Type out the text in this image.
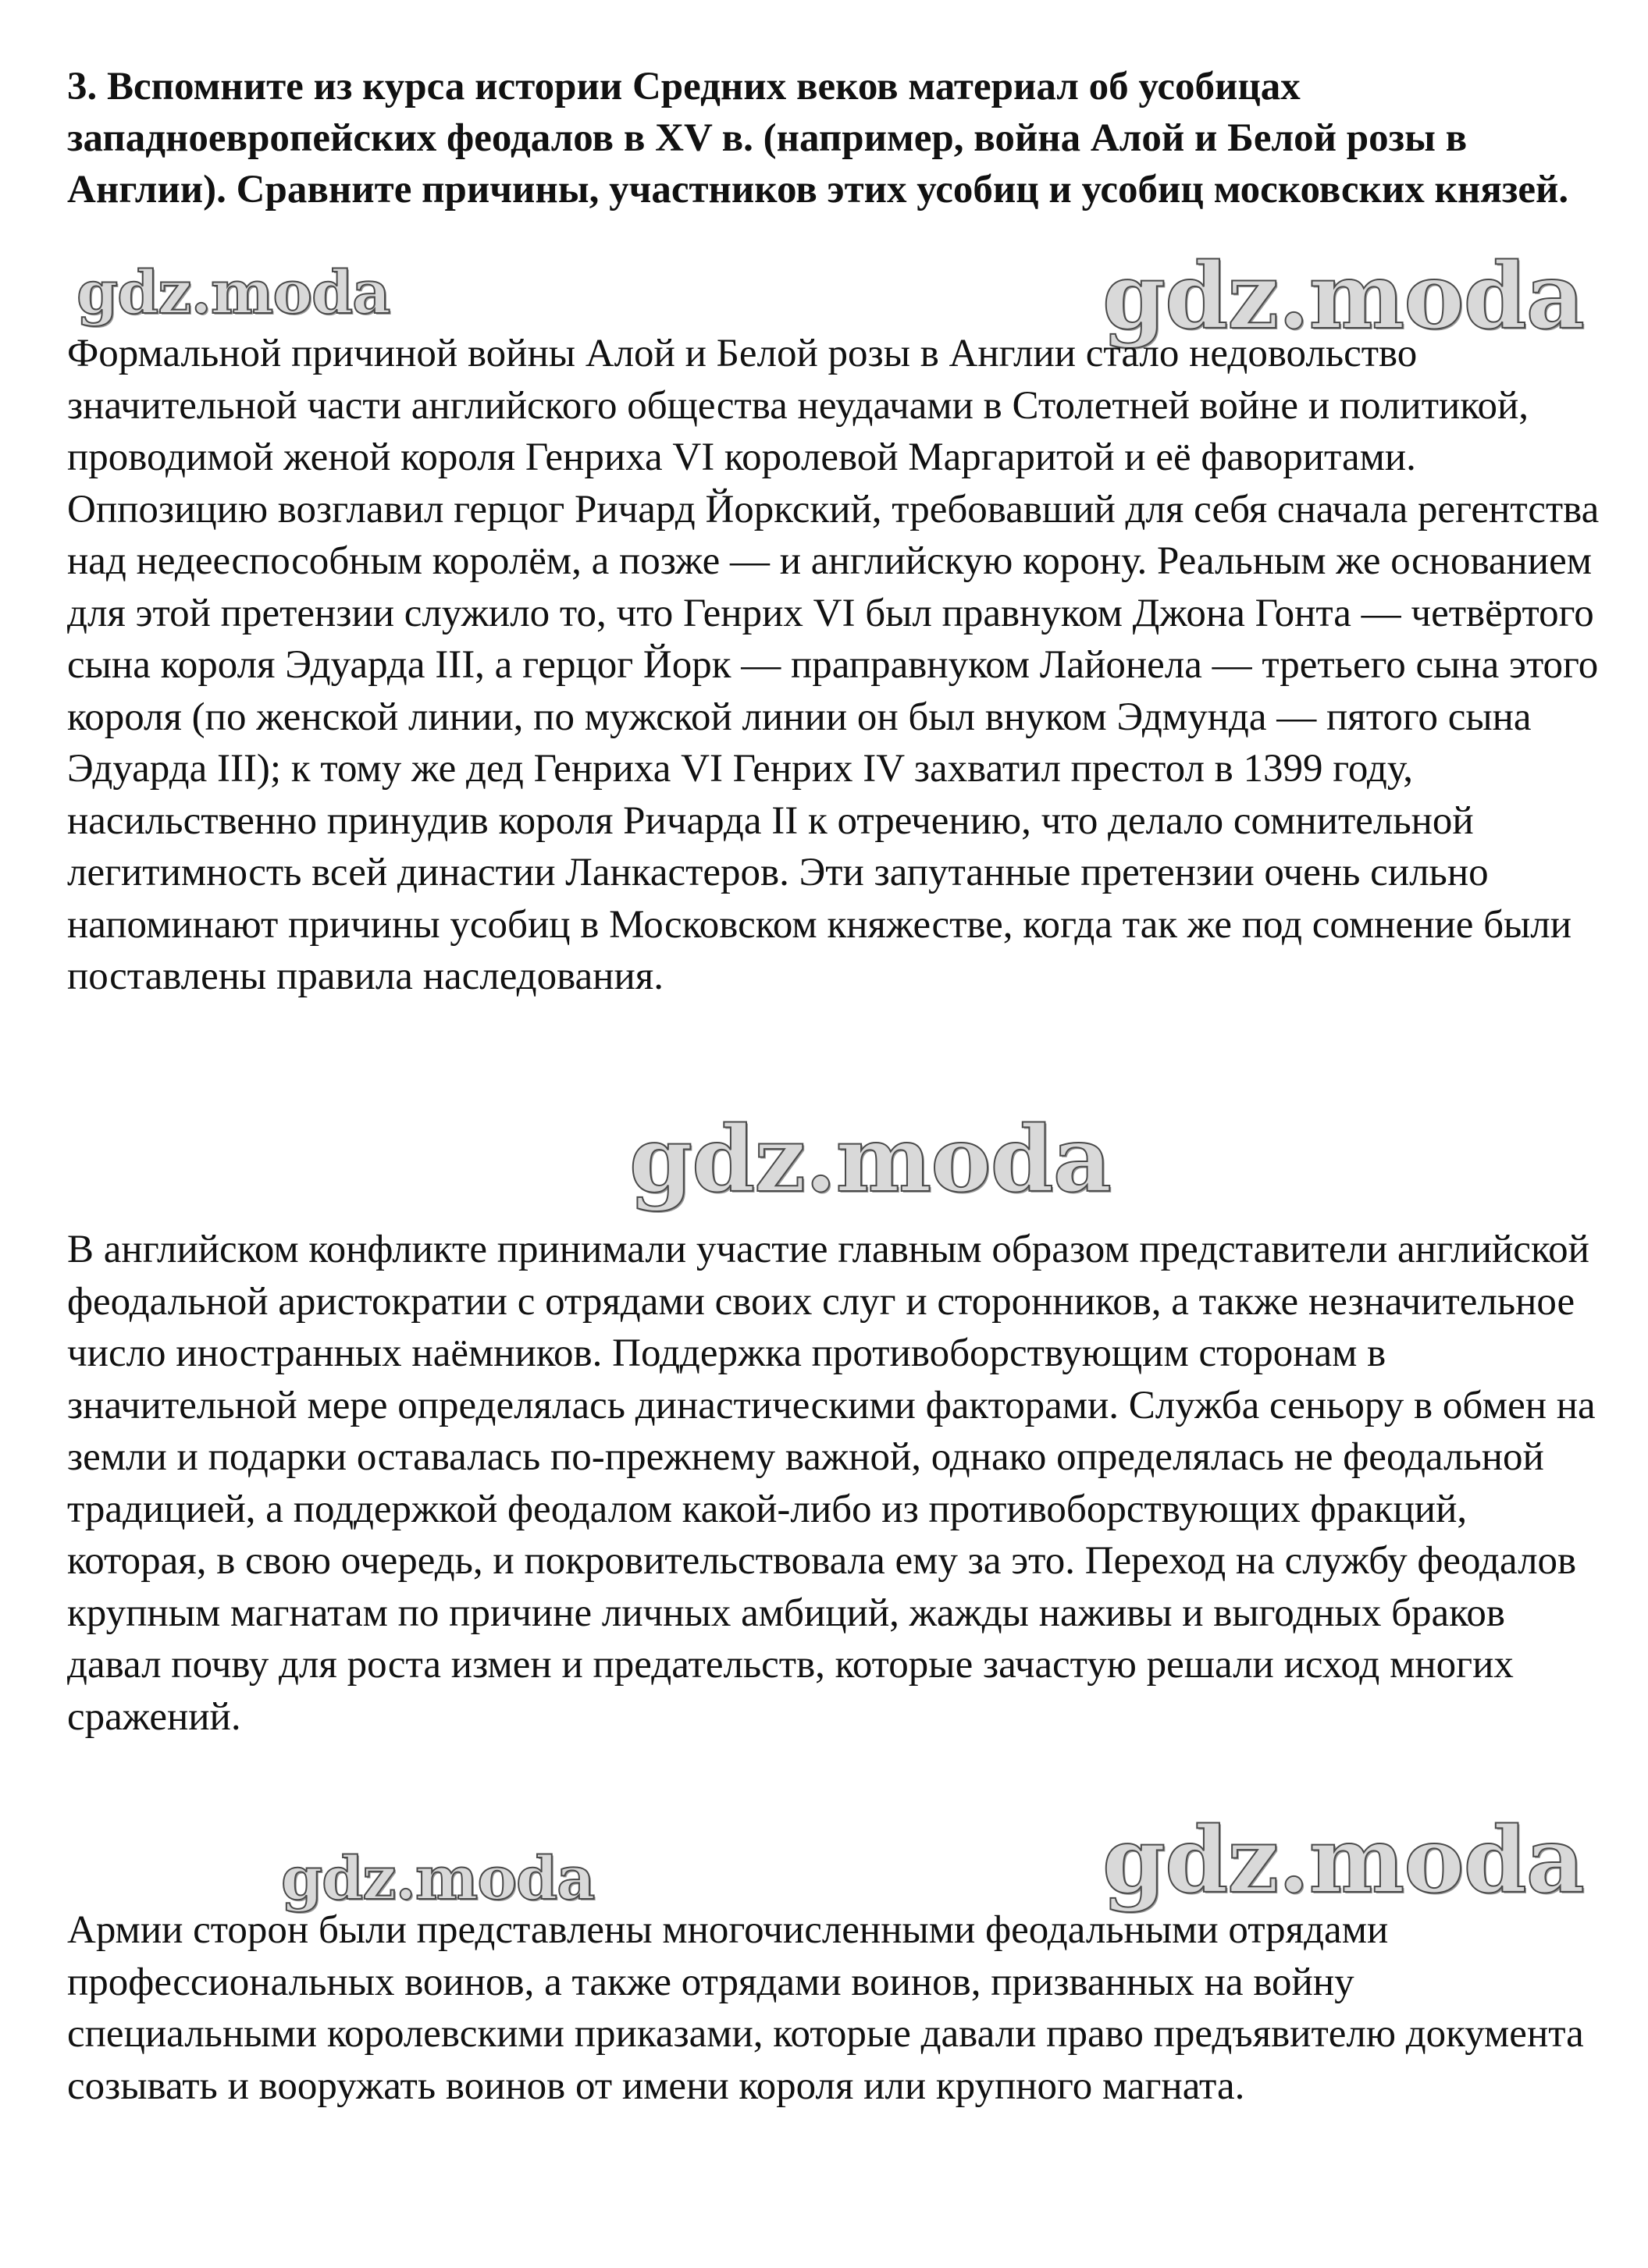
3. Вспомните из курса истории Средних веков материал об усобицах западноевропейских феодалов в XV в. (например, война Алой и Белой розы в Англии). Сравните причины, участников этих усобиц и усобиц московских князей.

gdz.moda	gdz.moda

Формальной причиной войны Алой и Белой розы в Англии стало недовольство значительной части английского общества неудачами в Столетней войне и политикой, проводимой женой короля Генриха VI королевой Маргаритой и её фаворитами. Оппозицию возглавил герцог Ричард Йоркский, требовавший для себя сначала регентства над недееспособным королём, а позже — и английскую корону. Реальным же основанием для этой претензии служило то, что Генрих VI был правнуком Джона Гонта — четвёртого сына короля Эдуарда III, а герцог Йорк — праправнуком Лайонела — третьего сына этого короля (по женской линии, по мужской линии он был внуком Эдмунда — пятого сына Эдуарда III); к тому же дед Генриха VI Генрих IV захватил престол в 1399 году, насильственно принудив короля Ричарда II к отречению, что делало сомнительной легитимность всей династии Ланкастеров. Эти запутанные претензии очень сильно напоминают причины усобиц в Московском княжестве, когда так же под сомнение были поставлены правила наследования.

gdz.moda

В английском конфликте принимали участие главным образом представители английской феодальной аристократии с отрядами своих слуг и сторонников, а также незначительное число иностранных наёмников. Поддержка противоборствующим сторонам в значительной мере определялась династическими факторами. Служба сеньору в обмен на земли и подарки оставалась по-прежнему важной, однако определялась не феодальной традицией, а поддержкой феодалом какой-либо из противоборствующих фракций, которая, в свою очередь, и покровительствовала ему за это. Переход на службу феодалов крупным магнатам по причине личных амбиций, жажды наживы и выгодных браков давал почву для роста измен и предательств, которые зачастую решали исход многих сражений.

gdz.moda
gdz.moda

Армии сторон были представлены многочисленными феодальными отрядами профессиональных воинов, а также отрядами воинов, призванных на войну специальными королевскими приказами, которые давали право предъявителю документа созывать и вооружать воинов от имени короля или крупного магната.
